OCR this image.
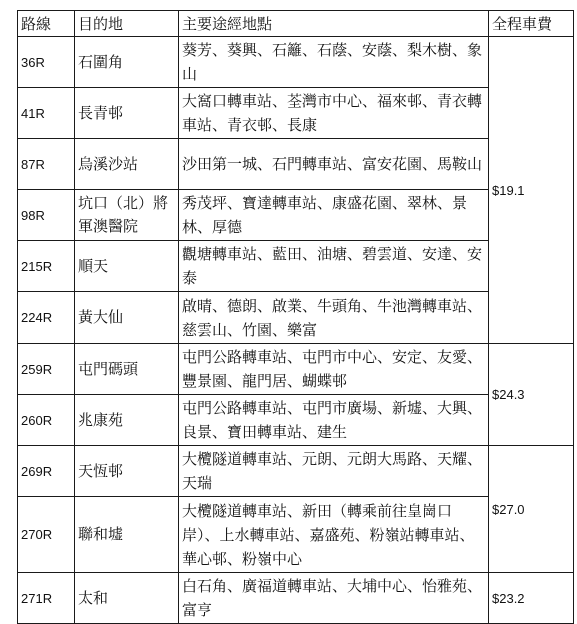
路線	目的地	主要途經地點	全程車費
36R	石圍角	葵芳、葵興、石籬、石蔭、安蔭、梨木樹、象山	$19.1
41R	長青邨	大窩口轉車站、荃灣市中心、福來邨、青衣轉車站、青衣邨、長康	
87R	烏溪沙站	沙田第一城、石門轉車站、富安花園、馬鞍山	
98R	坑口（北）將軍澳醫院	秀茂坪、寶達轉車站、康盛花園、翠林、景林、厚德	
215R	順天	觀塘轉車站、藍田、油塘、碧雲道、安達、安泰	
224R	黃大仙	啟晴、德朗、啟業、牛頭角、牛池灣轉車站、慈雲山、竹園、樂富	
259R	屯門碼頭	屯門公路轉車站、屯門市中心、安定、友愛、豐景園、龍門居、蝴蝶邨	$24.3
260R	兆康苑	屯門公路轉車站、屯門市廣場、新墟、大興、良景、寶田轉車站、建生	
269R	天恆邨	大欖隧道轉車站、元朗、元朗大馬路、天耀、天瑞	$27.0
270R	聯和墟	大欖隧道轉車站、新田（轉乘前往皇崗口岸）、上水轉車站、嘉盛苑、粉嶺站轉車站、華心邨、粉嶺中心	
271R	太和	白石角、廣福道轉車站、大埔中心、怡雅苑、富亨	$23.2
